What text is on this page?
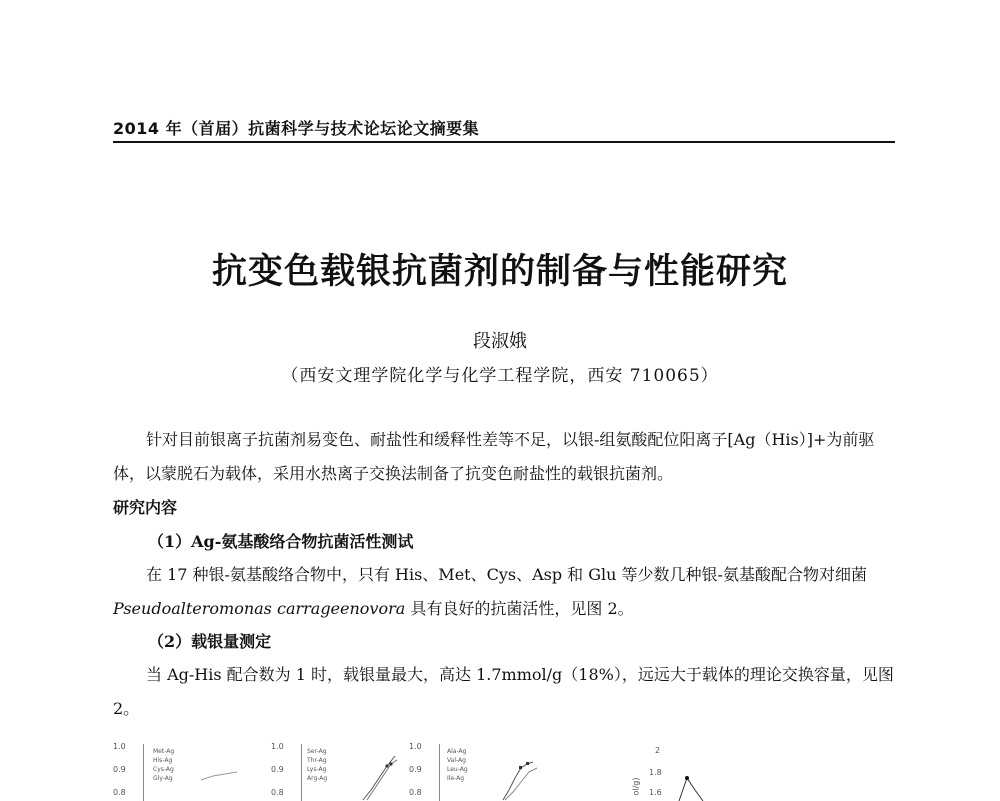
2014 年（首届）抗菌科学与技术论坛论文摘要集
抗变色载银抗菌剂的制备与性能研究
段淑娥
（西安文理学院化学与化学工程学院，西安 710065）
针对目前银离子抗菌剂易变色、耐盐性和缓释性差等不足，以银-组氨酸配位阳离子[Ag（His）]+为前驱体，以蒙脱石为载体，采用水热离子交换法制备了抗变色耐盐性的载银抗菌剂。
研究内容
（1）Ag-氨基酸络合物抗菌活性测试
在 17 种银-氨基酸络合物中，只有 His、Met、Cys、Asp 和 Glu 等少数几种银-氨基酸配合物对细菌 Pseudoalteromonas carrageenovora 具有良好的抗菌活性，见图 2。
（2）载银量测定
当 Ag-His 配合数为 1 时，载银量最大，高达 1.7mmol/g（18%），远远大于载体的理论交换容量，见图 2。
1.0
0.9
0.8
Met-Ag
His-Ag
Cys-Ag
Gly-Ag
1.0
0.9
0.8
Ser-Ag
Thr-Ag
Lys-Ag
Arg-Ag
1.0
0.9
0.8
Ala-Ag
Val-Ag
Leu-Ag
Ile-Ag
2
1.8
1.6
ol/g)
